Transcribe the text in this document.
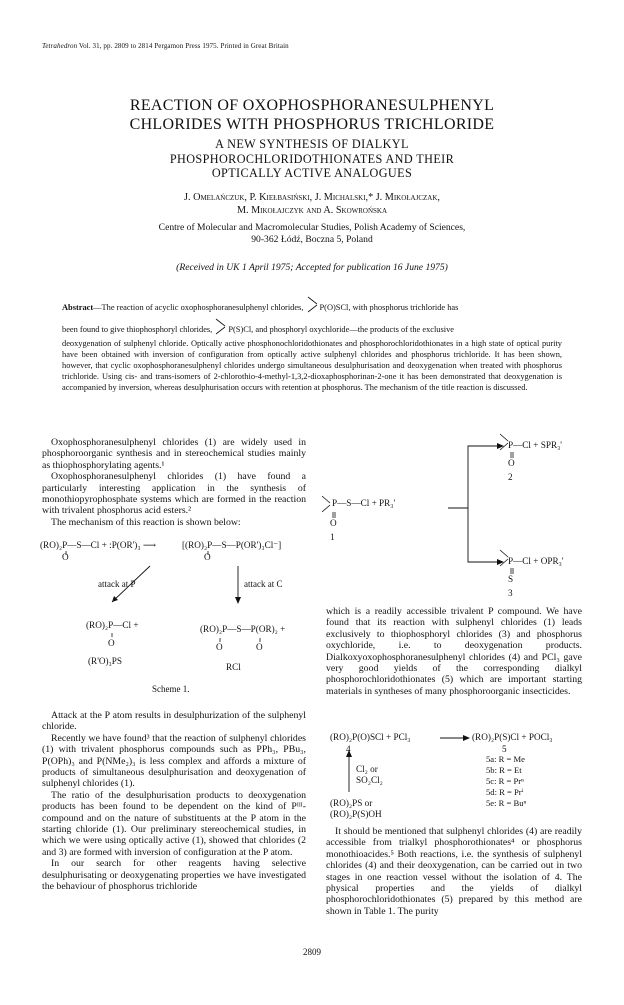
Tetrahedron Vol. 31, pp. 2809 to 2814 Pergamon Press 1975. Printed in Great Britain
REACTION OF OXOPHOSPHORANESULPHENYL
CHLORIDES WITH PHOSPHORUS TRICHLORIDE
A NEW SYNTHESIS OF DIALKYL
PHOSPHOROCHLORIDOTHIONATES AND THEIR
OPTICALLY ACTIVE ANALOGUES
J. Omelańczuk, P. Kiełbasiński, J. Michalski,* J. Mikołajczak,
M. Mikołajczyk and A. Skowrońska
Centre of Molecular and Macromolecular Studies, Polish Academy of Sciences,
90-362 Łódź, Boczna 5, Poland
(Received in UK 1 April 1975; Accepted for publication 16 June 1975)
Abstract—The reaction of acyclic oxophosphoranesulphenyl chlorides, P(O)SCl, with phosphorus trichloride has
been found to give thiophosphoryl chlorides, P(S)Cl, and phosphoryl oxychloride—the products of the exclusive
deoxygenation of sulphenyl chloride. Optically active phosphonochloridothionates and phosphorochloridothionates in a high state of optical purity have been obtained with inversion of configuration from optically active sulphenyl chlorides and phosphorus trichloride. It has been shown, however, that cyclic oxophosphoranesulphenyl chlorides undergo simultaneous desulphurisation and deoxygenation when treated with phosphorus trichloride. Using cis- and trans-isomers of 2-chlorothio-4-methyl-1,3,2-dioxaphosphorinan-2-one it has been demonstrated that deoxygenation is accompanied by inversion, whereas desulphurisation occurs with retention at phosphorus. The mechanism of the title reaction is discussed.

Oxophosphoranesulphenyl chlorides (1) are widely used in phosphoroorganic synthesis and in stereochemical studies mainly as thiophosphorylating agents.¹

Oxophosphoranesulphenyl chlorides (1) have found a particularly interesting application in the synthesis of monothiopyrophosphate systems which are formed in the reaction with trivalent phosphorus acid esters.²

The mechanism of this reaction is shown below:

(RO)₂P—S—Cl + :P(OR')₃ ⟶	[(RO)₂P—S—P(OR')₃Cl⁻]
O	O
attack at P	attack at C
(RO)₂P—Cl +
O
(R'O)₃PS
(RO)₂P—S—P(OR)₂ +
O	O
RCl
Scheme 1.

Attack at the P atom results in desulphurization of the sulphenyl chloride.

Recently we have found³ that the reaction of sulphenyl chlorides (1) with trivalent phosphorus compounds such as PPh₃, PBu₃, P(OPh)₃ and P(NMe₂)₃ is less complex and affords a mixture of products of simultaneous desulphurisation and deoxygenation of sulphenyl chlorides (1).

The ratio of the desulphurisation products to deoxygenation products has been found to be dependent on the kind of Pᴵᴵᴵ-compound and on the nature of substituents at the P atom in the starting chloride (1). Our preliminary stereochemical studies, in which we were using optically active (1), showed that chlorides (2 and 3) are formed with inversion of configuration at the P atom.

In our search for other reagents having selective desulphurisating or deoxygenating properties we have investigated the behaviour of phosphorus trichloride

P—Cl + SPR₃'
O
2
P—S—Cl + PR₃'
O
1
P—Cl + OPR₃'
S
3

which is a readily accessible trivalent P compound. We have found that its reaction with sulphenyl chlorides (1) leads exclusively to thiophosphoryl chlorides (3) and phosphorus oxychloride, i.e. to deoxygenation products. Dialkoxyoxophosphoranesulphenyl chlorides (4) and PCl₃ gave very good yields of the corresponding dialkyl phosphorochloridothionates (5) which are important starting materials in syntheses of many phosphoroorganic insecticides.

(RO)₂P(O)SCl + PCl₃	(RO)₂P(S)Cl + POCl₃
4	5
Cl₂ or
SO₂Cl₂
(RO)₂PS or
(RO)₂P(S)OH
5a: R = Me
5b: R = Et
5c: R = Prⁿ
5d: R = Prⁱ
5e: R = Buⁿ

It should be mentioned that sulphenyl chlorides (4) are readily accessible from trialkyl phosphorothionates⁴ or phosphorus monothioacides.⁵ Both reactions, i.e. the synthesis of sulphenyl chlorides (4) and their deoxygenation, can be carried out in two stages in one reaction vessel without the isolation of 4. The physical properties and the yields of dialkyl phosphorochloridothionates (5) prepared by this method are shown in Table 1. The purity

2809
